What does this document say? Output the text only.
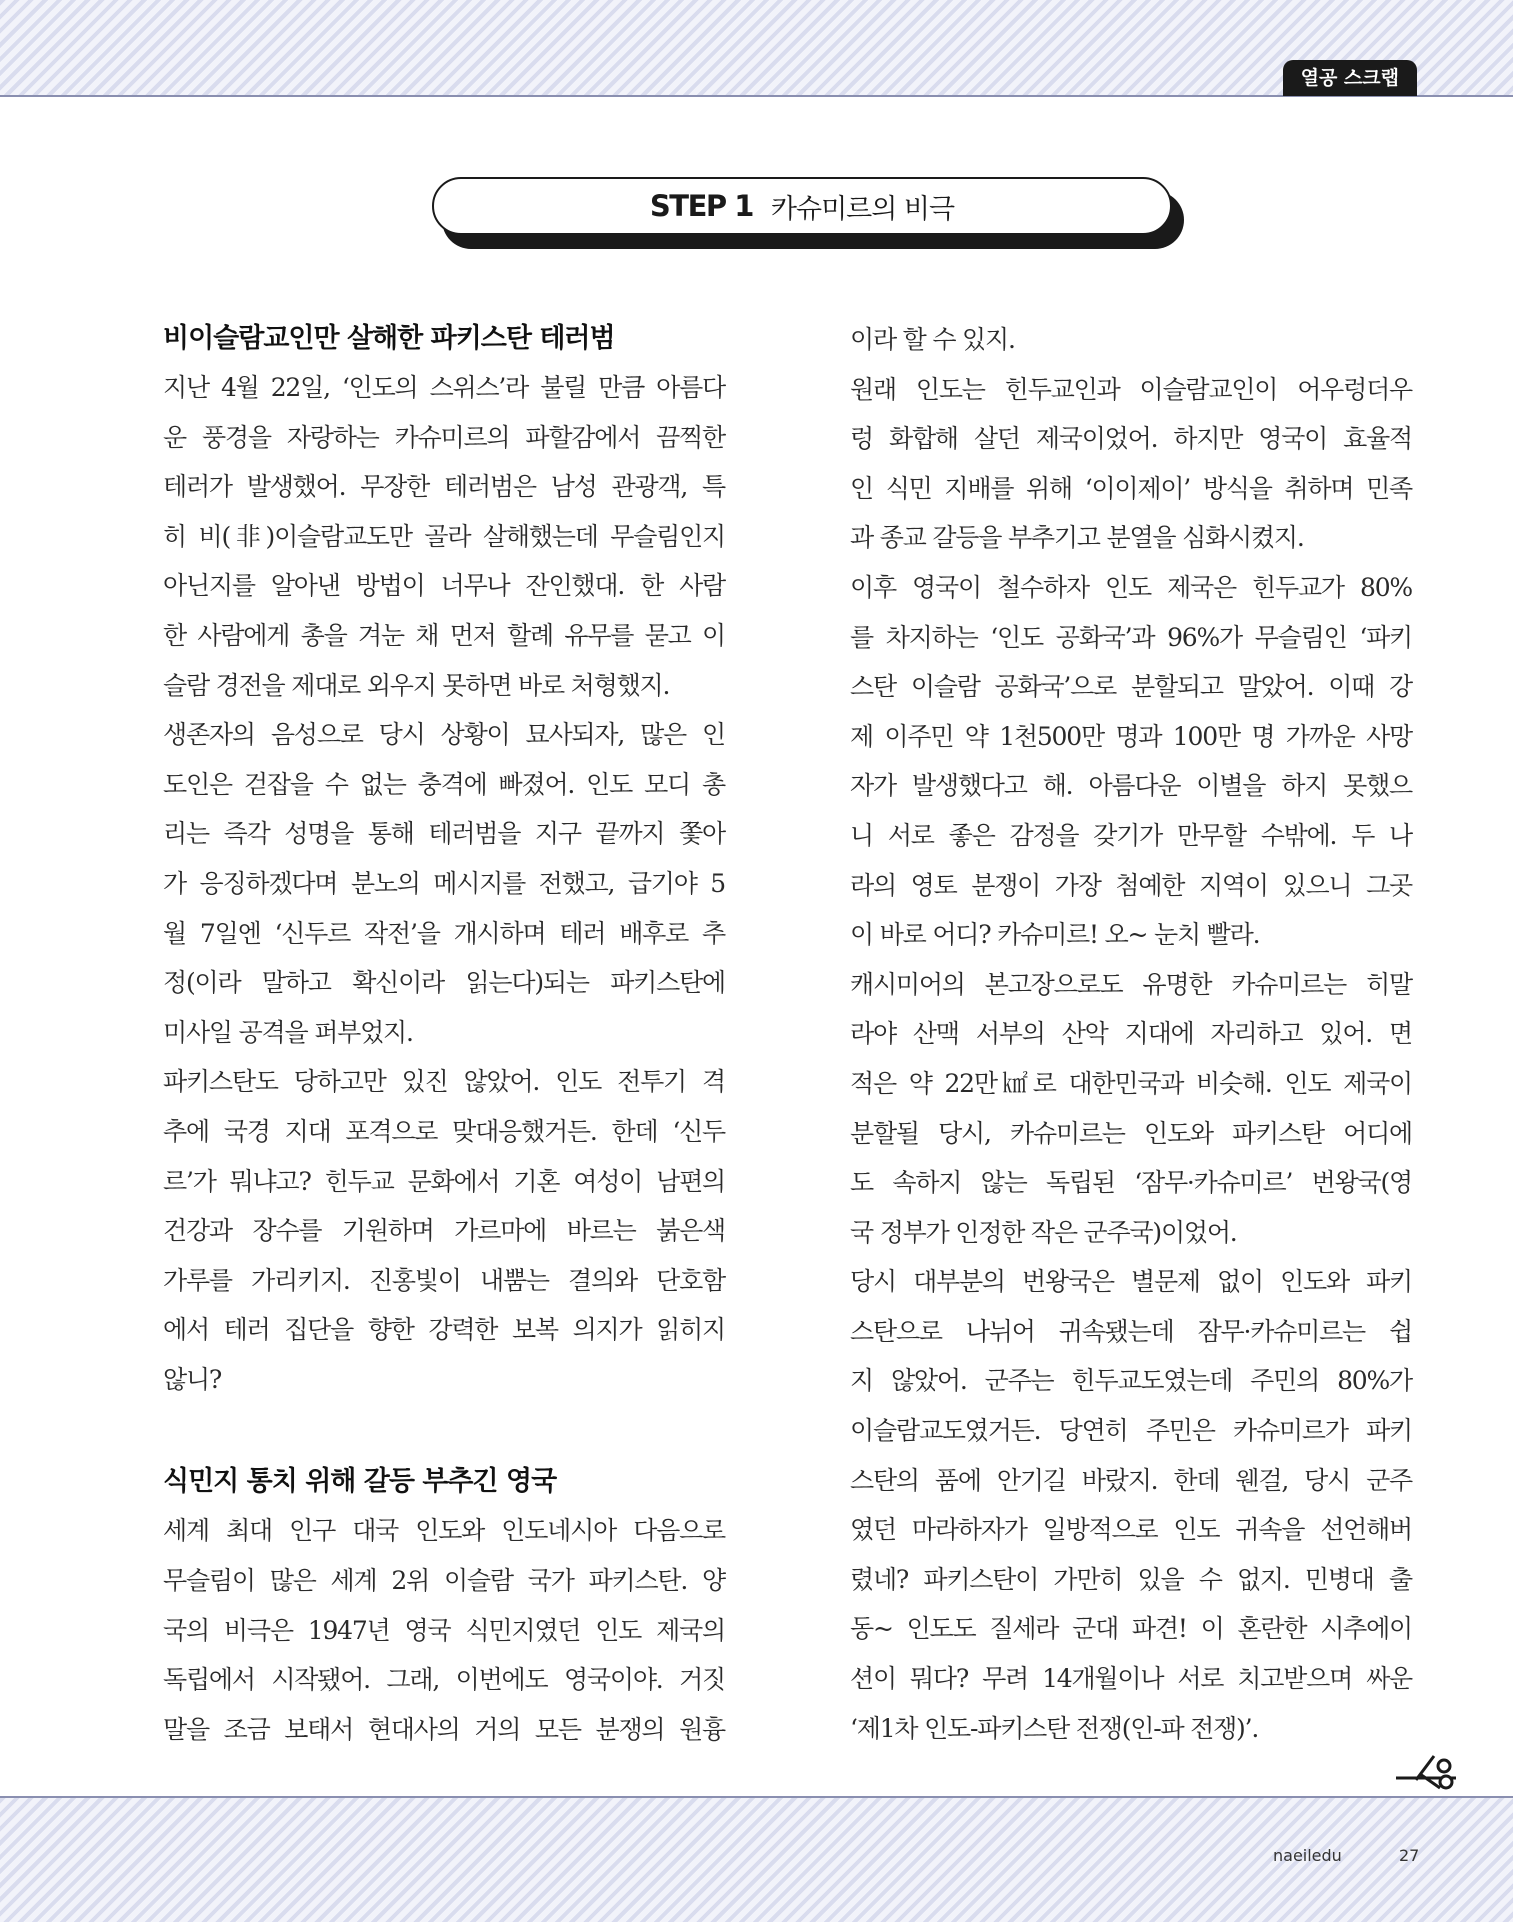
열공 스크랩
STEP 1 카슈미르의 비극
비이슬람교인만 살해한 파키스탄 테러범
지난 4월 22일, ‘인도의 스위스’라 불릴 만큼 아름다
운 풍경을 자랑하는 카슈미르의 파할감에서 끔찍한
테러가 발생했어. 무장한 테러범은 남성 관광객, 특
히 비(非)이슬람교도만 골라 살해했는데 무슬림인지
아닌지를 알아낸 방법이 너무나 잔인했대. 한 사람
한 사람에게 총을 겨눈 채 먼저 할례 유무를 묻고 이
슬람 경전을 제대로 외우지 못하면 바로 처형했지.
생존자의 음성으로 당시 상황이 묘사되자, 많은 인
도인은 걷잡을 수 없는 충격에 빠졌어. 인도 모디 총
리는 즉각 성명을 통해 테러범을 지구 끝까지 쫓아
가 응징하겠다며 분노의 메시지를 전했고, 급기야 5
월 7일엔 ‘신두르 작전’을 개시하며 테러 배후로 추
정(이라 말하고 확신이라 읽는다)되는 파키스탄에
미사일 공격을 퍼부었지.
파키스탄도 당하고만 있진 않았어. 인도 전투기 격
추에 국경 지대 포격으로 맞대응했거든. 한데 ‘신두
르’가 뭐냐고? 힌두교 문화에서 기혼 여성이 남편의
건강과 장수를 기원하며 가르마에 바르는 붉은색
가루를 가리키지. 진홍빛이 내뿜는 결의와 단호함
에서 테러 집단을 향한 강력한 보복 의지가 읽히지
않니?
식민지 통치 위해 갈등 부추긴 영국
세계 최대 인구 대국 인도와 인도네시아 다음으로
무슬림이 많은 세계 2위 이슬람 국가 파키스탄. 양
국의 비극은 1947년 영국 식민지였던 인도 제국의
독립에서 시작됐어. 그래, 이번에도 영국이야. 거짓
말을 조금 보태서 현대사의 거의 모든 분쟁의 원흉
이라 할 수 있지.
원래 인도는 힌두교인과 이슬람교인이 어우렁더우
렁 화합해 살던 제국이었어. 하지만 영국이 효율적
인 식민 지배를 위해 ‘이이제이’ 방식을 취하며 민족
과 종교 갈등을 부추기고 분열을 심화시켰지.
이후 영국이 철수하자 인도 제국은 힌두교가 80%
를 차지하는 ‘인도 공화국’과 96%가 무슬림인 ‘파키
스탄 이슬람 공화국’으로 분할되고 말았어. 이때 강
제 이주민 약 1천500만 명과 100만 명 가까운 사망
자가 발생했다고 해. 아름다운 이별을 하지 못했으
니 서로 좋은 감정을 갖기가 만무할 수밖에. 두 나
라의 영토 분쟁이 가장 첨예한 지역이 있으니 그곳
이 바로 어디? 카슈미르! 오~ 눈치 빨라.
캐시미어의 본고장으로도 유명한 카슈미르는 히말
라야 산맥 서부의 산악 지대에 자리하고 있어. 면
적은 약 22만㎢로 대한민국과 비슷해. 인도 제국이
분할될 당시, 카슈미르는 인도와 파키스탄 어디에
도 속하지 않는 독립된 ‘잠무·카슈미르’ 번왕국(영
국 정부가 인정한 작은 군주국)이었어.
당시 대부분의 번왕국은 별문제 없이 인도와 파키
스탄으로 나뉘어 귀속됐는데 잠무·카슈미르는 쉽
지 않았어. 군주는 힌두교도였는데 주민의 80%가
이슬람교도였거든. 당연히 주민은 카슈미르가 파키
스탄의 품에 안기길 바랐지. 한데 웬걸, 당시 군주
였던 마라하자가 일방적으로 인도 귀속을 선언해버
렸네? 파키스탄이 가만히 있을 수 없지. 민병대 출
동~ 인도도 질세라 군대 파견! 이 혼란한 시추에이
션이 뭐다? 무려 14개월이나 서로 치고받으며 싸운
‘제1차 인도-파키스탄 전쟁(인-파 전쟁)’.
naeiledu	27
